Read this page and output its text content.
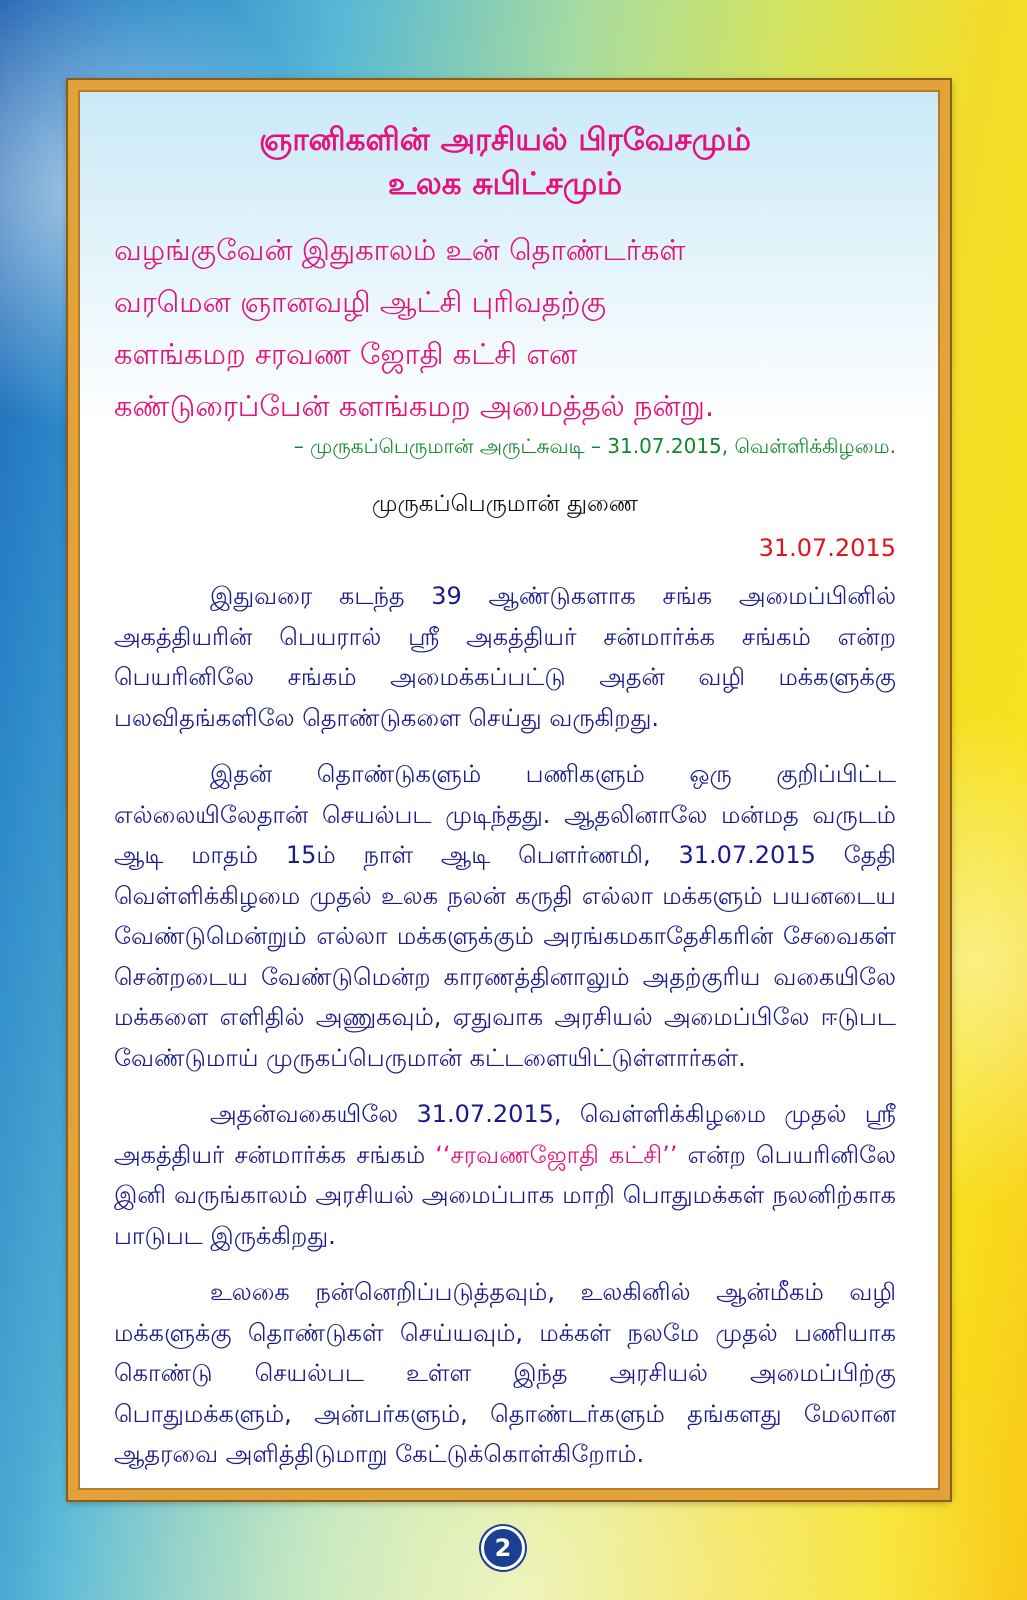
ஞானிகளின் அரசியல் பிரவேசமும்

உலக சுபிட்சமும்

வழங்குவேன் இதுகாலம் உன் தொண்டர்கள்

வரமென ஞானவழி ஆட்சி புரிவதற்கு

களங்கமற சரவண ஜோதி கட்சி என

கண்டுரைப்பேன் களங்கமற அமைத்தல் நன்று.

– முருகப்பெருமான் அருட்சுவடி – 31.07.2015, வெள்ளிக்கிழமை.
முருகப்பெருமான் துணை
31.07.2015

இதுவரை கடந்த 39 ஆண்டுகளாக சங்க அமைப்பினில் அகத்தியரின் பெயரால் ஸ்ரீ அகத்தியர் சன்மார்க்க சங்கம் என்ற பெயரினிலே சங்கம் அமைக்கப்பட்டு அதன் வழி மக்களுக்கு பலவிதங்களிலே தொண்டுகளை செய்து வருகிறது.

இதன் தொண்டுகளும் பணிகளும் ஒரு குறிப்பிட்ட எல்லையிலேதான் செயல்பட முடிந்தது. ஆதலினாலே மன்மத வருடம் ஆடி மாதம் 15ம் நாள் ஆடி பௌர்ணமி, 31.07.2015 தேதி வெள்ளிக்கிழமை முதல் உலக நலன் கருதி எல்லா மக்களும் பயனடைய வேண்டுமென்றும் எல்லா மக்களுக்கும் அரங்கமகாதேசிகரின் சேவைகள் சென்றடைய வேண்டுமென்ற காரணத்தினாலும் அதற்குரிய வகையிலே மக்களை எளிதில் அணுகவும், ஏதுவாக அரசியல் அமைப்பிலே ஈடுபட வேண்டுமாய் முருகப்பெருமான் கட்டளையிட்டுள்ளார்கள்.

அதன்வகையிலே 31.07.2015, வெள்ளிக்கிழமை முதல் ஸ்ரீ அகத்தியர் சன்மார்க்க சங்கம் ‘‘சரவணஜோதி கட்சி’’ என்ற பெயரினிலே இனி வருங்காலம் அரசியல் அமைப்பாக மாறி பொதுமக்கள் நலனிற்காக பாடுபட இருக்கிறது.

உலகை நன்னெறிப்படுத்தவும், உலகினில் ஆன்மீகம் வழி மக்களுக்கு தொண்டுகள் செய்யவும், மக்கள் நலமே முதல் பணியாக கொண்டு செயல்பட உள்ள இந்த அரசியல் அமைப்பிற்கு பொதுமக்களும், அன்பர்களும், தொண்டர்களும் தங்களது மேலான ஆதரவை அளித்திடுமாறு கேட்டுக்கொள்கிறோம்.

2
